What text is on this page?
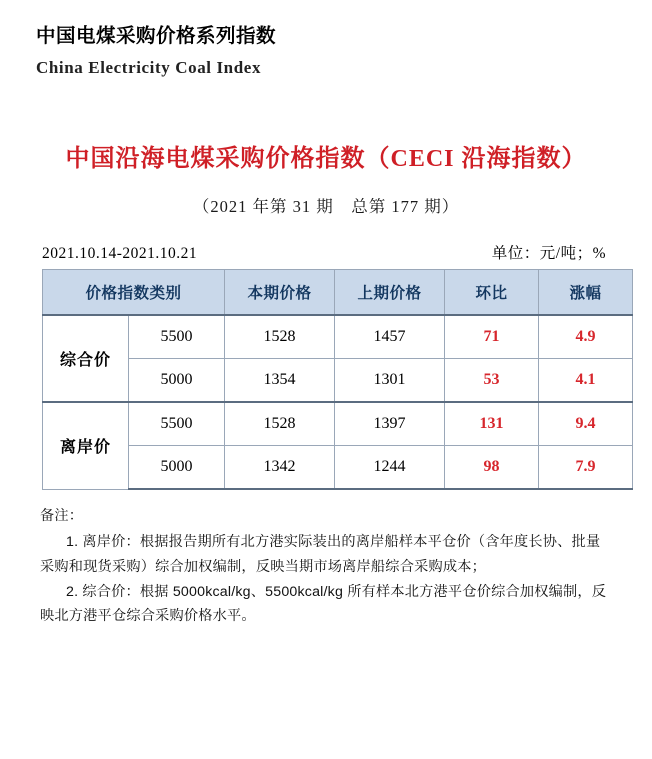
中国电煤采购价格系列指数
China Electricity Coal Index
中国沿海电煤采购价格指数（CECI 沿海指数）
（2021 年第 31 期　总第 177 期）
2021.10.14-2021.10.21	单位：元/吨；%
价格指数类别		本期价格	上期价格	环比	涨幅
综合价	5500	1528	1457	71	4.9
	5000	1354	1301	53	4.1
离岸价	5500	1528	1397	131	9.4
	5000	1342	1244	98	7.9

备注：

1. 离岸价：根据报告期所有北方港实际装出的离岸船样本平仓价（含年度长协、批量采购和现货采购）综合加权编制，反映当期市场离岸船综合采购成本；

2. 综合价：根据 5000kcal/kg、5500kcal/kg 所有样本北方港平仓价综合加权编制，反映北方港平仓综合采购价格水平。
